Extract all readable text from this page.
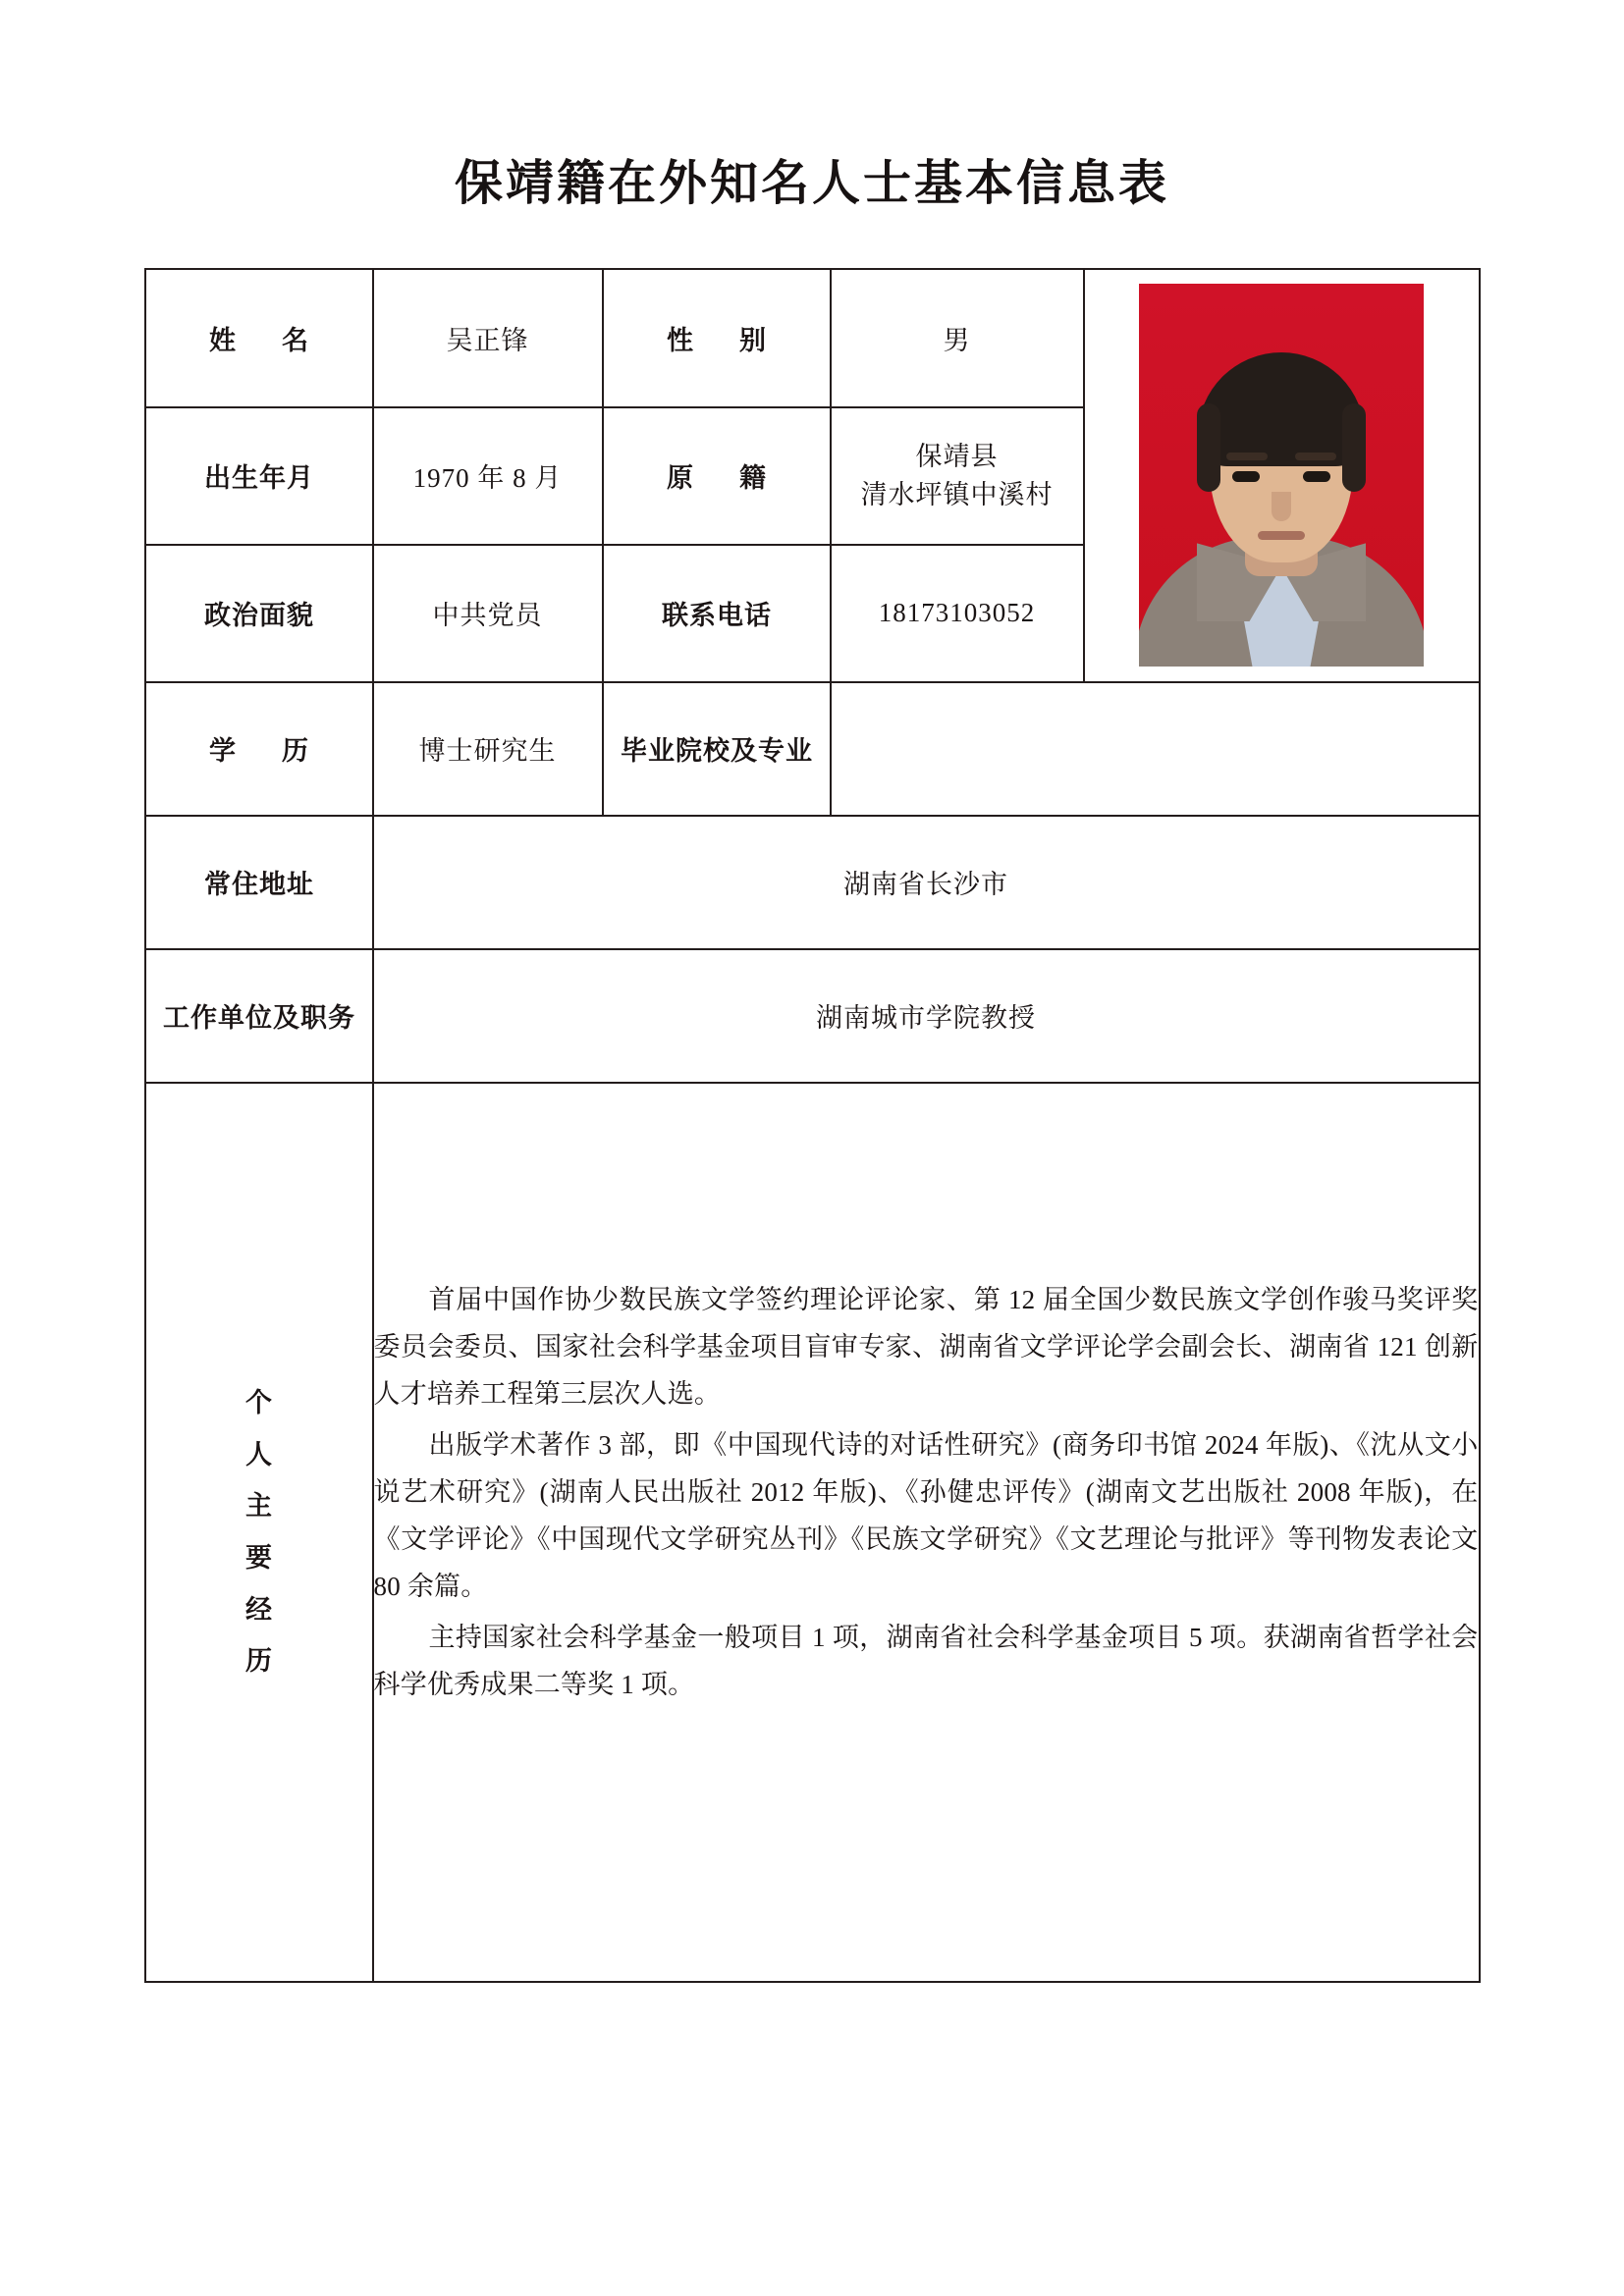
保靖籍在外知名人士基本信息表
姓　名	吴正锋	性　别	男	

出生年月	1970 年 8 月	原　籍	保靖县
清水坪镇中溪村	

政治面貌	中共党员	联系电话	18173103052	
学　历	博士研究生	毕业院校及专业		
常住地址	湖南省长沙市			
工作单位及职务	湖南城市学院教授			

个
人
主
要
经
历

首届中国作协少数民族文学签约理论评论家、第 12 届全国少数民族文学创作骏马奖评奖委员会委员、国家社会科学基金项目盲审专家、湖南省文学评论学会副会长、湖南省 121 创新人才培养工程第三层次人选。

出版学术著作 3 部，即《中国现代诗的对话性研究》(商务印书馆 2024 年版)、《沈从文小说艺术研究》(湖南人民出版社 2012 年版)、《孙健忠评传》(湖南文艺出版社 2008 年版)，在《文学评论》《中国现代文学研究丛刊》《民族文学研究》《文艺理论与批评》等刊物发表论文 80 余篇。

主持国家社会科学基金一般项目 1 项，湖南省社会科学基金项目 5 项。获湖南省哲学社会科学优秀成果二等奖 1 项。
